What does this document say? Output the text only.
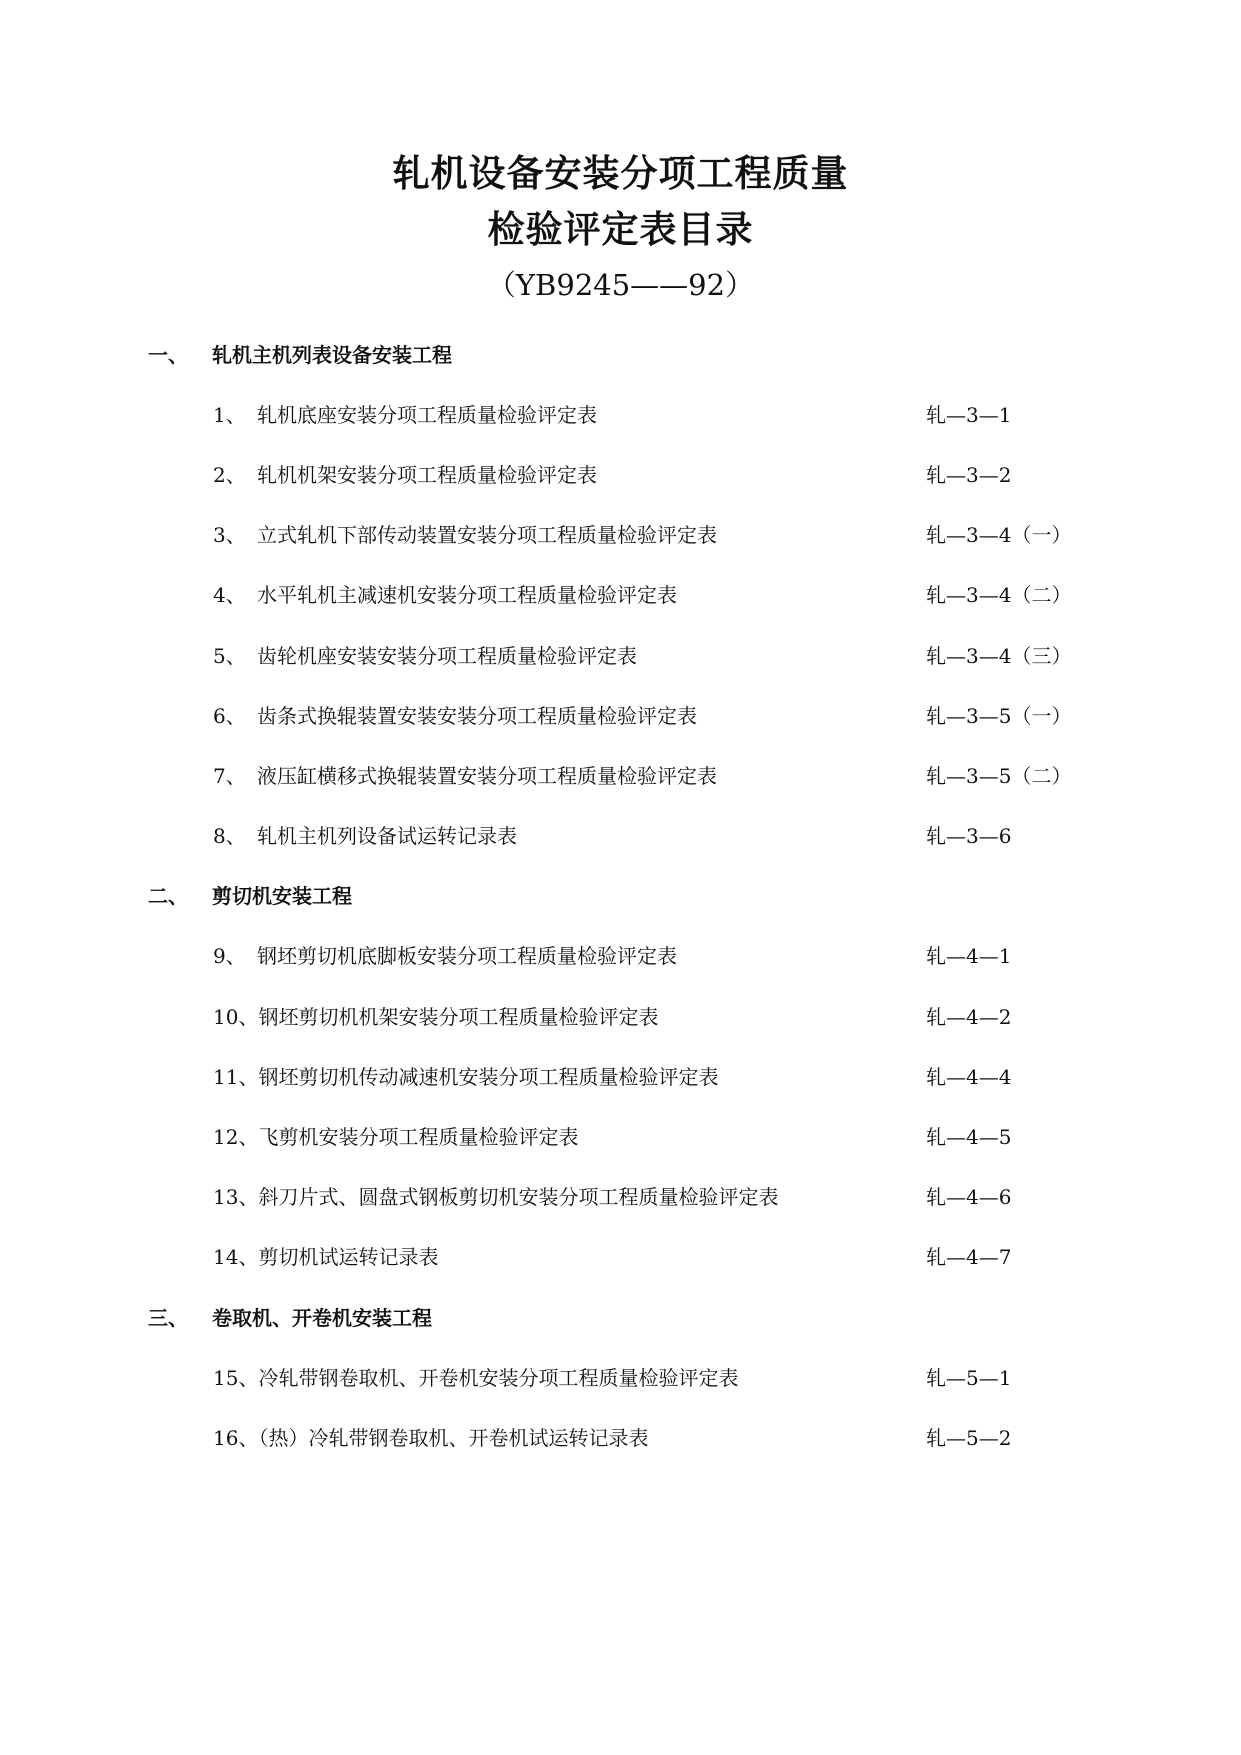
轧机设备安装分项工程质量
检验评定表目录
（YB9245——92）
一、 轧机主机列表设备安装工程
1、 轧机底座安装分项工程质量检验评定表	轧—3—1
2、 轧机机架安装分项工程质量检验评定表	轧—3—2
3、 立式轧机下部传动装置安装分项工程质量检验评定表	轧—3—4（一）
4、 水平轧机主减速机安装分项工程质量检验评定表	轧—3—4（二）
5、 齿轮机座安装安装分项工程质量检验评定表	轧—3—4（三）
6、 齿条式换辊装置安装安装分项工程质量检验评定表	轧—3—5（一）
7、 液压缸横移式换辊装置安装分项工程质量检验评定表	轧—3—5（二）
8、 轧机主机列设备试运转记录表	轧—3—6
二、 剪切机安装工程
9、 钢坯剪切机底脚板安装分项工程质量检验评定表	轧—4—1
10、钢坯剪切机机架安装分项工程质量检验评定表	轧—4—2
11、钢坯剪切机传动减速机安装分项工程质量检验评定表	轧—4—4
12、飞剪机安装分项工程质量检验评定表	轧—4—5
13、斜刀片式、圆盘式钢板剪切机安装分项工程质量检验评定表	轧—4—6
14、剪切机试运转记录表	轧—4—7
三、 卷取机、开卷机安装工程
15、冷轧带钢卷取机、开卷机安装分项工程质量检验评定表	轧—5—1
16、（热）冷轧带钢卷取机、开卷机试运转记录表	轧—5—2
